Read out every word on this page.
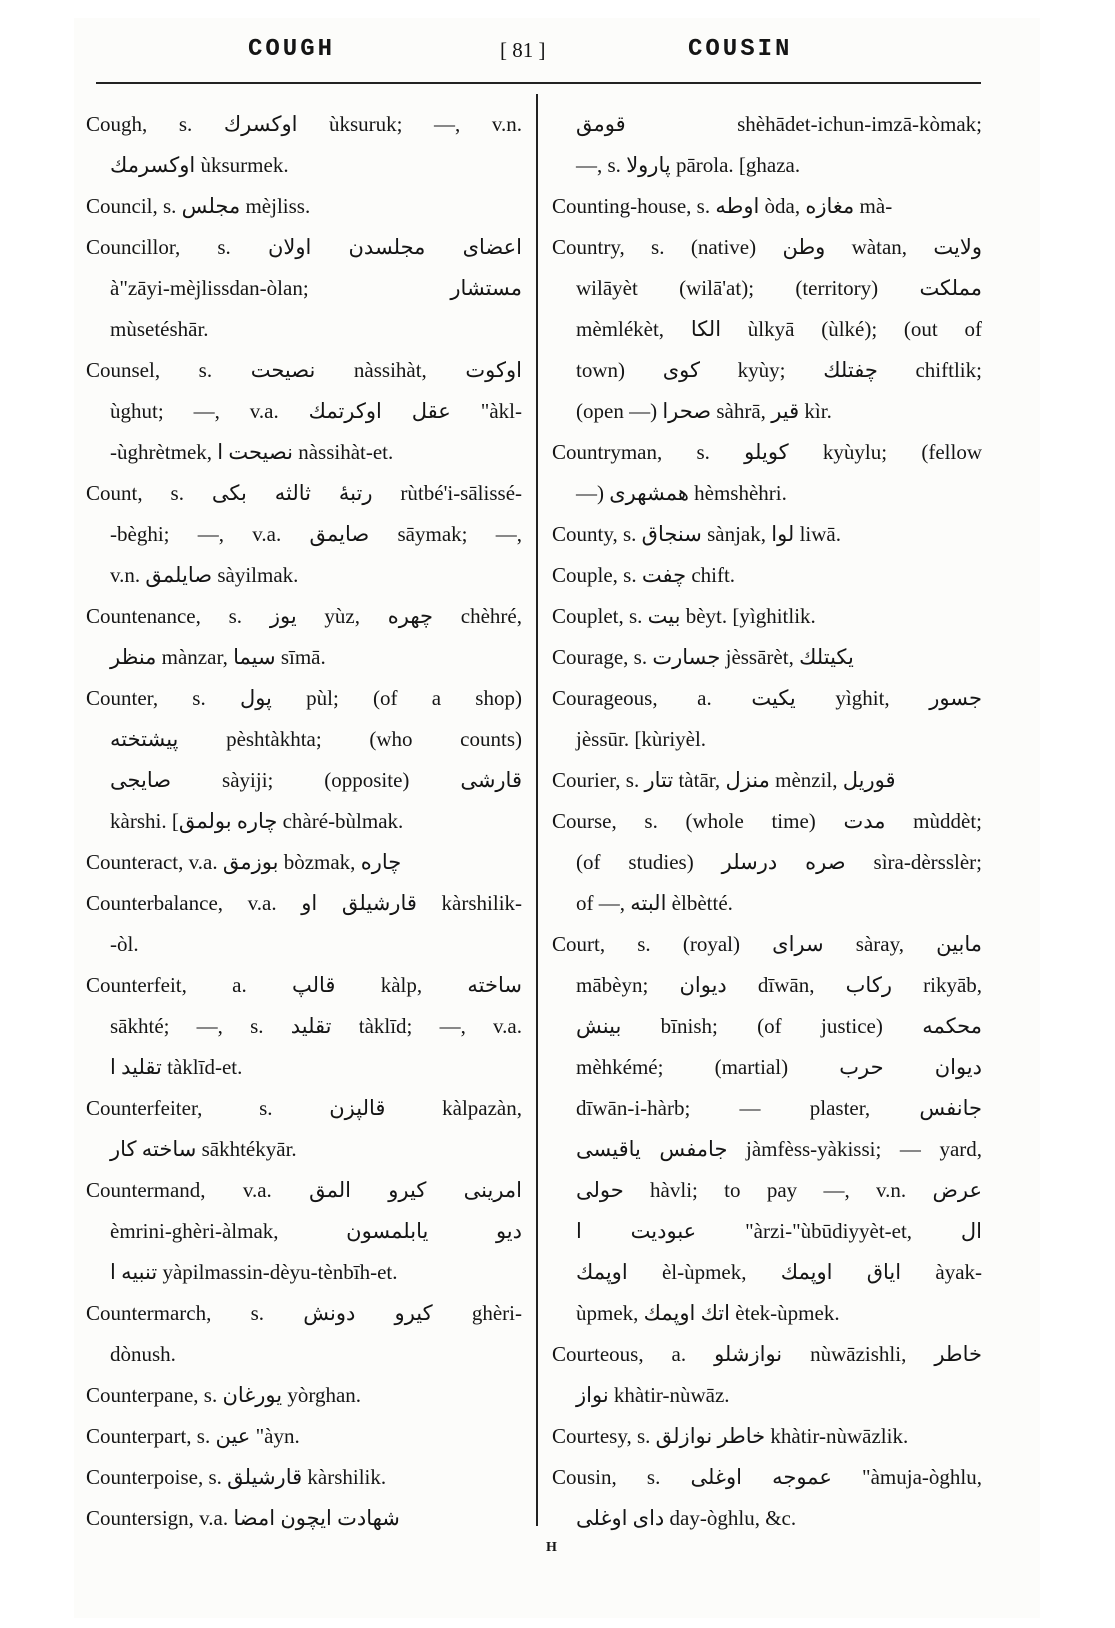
COUGH	[ 81 ]	COUSIN
Cough, s. اوكسرك ùksuruk; —, v.n.
اوكسرمك ùksurmek.
Council, s. مجلس mèjliss.
Councillor, s. اعضاى مجلسدن اولان
à"zāyi-mèjlissdan-òlan; مستشار
mùsetéshār.
Counsel, s. نصيحت nàssihàt, اوكوت
ùghut; —, v.a. عقل اوكرتمك "àkl-
-ùghrètmek, نصيحت ا nàssihàt-et.
Count, s. رتبهٔ ثالثه بكى rùtbé'i-sālissé-
-bèghi; —, v.a. صايمق sāymak; —,
v.n. صايلمق sàyilmak.
Countenance, s. يوز yùz, چهره chèhré,
منظر mànzar, سيما sīmā.
Counter, s. پول pùl; (of a shop)
پيشتخته pèshtàkhta; (who counts)
صايجى sàyiji; (opposite) قارشى
kàrshi. [چاره بولمق chàré-bùlmak.
Counteract, v.a. بوزمق bòzmak, چاره
Counterbalance, v.a. قارشيلق او kàrshilik-
-òl.
Counterfeit, a. قالپ kàlp, ساخته
sākhté; —, s. تقليد tàklīd; —, v.a.
تقليد ا tàklīd-et.
Counterfeiter, s. قالپزن kàlpazàn,
ساخته كار sākhtékyār.
Countermand, v.a. امرينى كيرو المق
èmrini-ghèri-àlmak, ديو يابلمسون
تنبيه ا yàpilmassin-dèyu-tènbīh-et.
Countermarch, s. كيرو دونش ghèri-
dònush.
Counterpane, s. يورغان yòrghan.
Counterpart, s. عين "àyn.
Counterpoise, s. قارشيلق kàrshilik.
Countersign, v.a. شهادت ايچون امضا
قومق shèhādet-ichun-imzā-kòmak;
—, s. پارولا pārola. [ghaza.
Counting-house, s. اوطه òda, مغازه mà-
Country, s. (native) وطن wàtan, ولايت
wilāyèt (wilā'at); (territory) مملكت
mèmlékèt, الكا ùlkyā (ùlké); (out of
town) كوى kyùy; چفتلك chiftlik;
(open —) صحرا sàhrā, قير kìr.
Countryman, s. كويلو kyùylu; (fellow
—) همشهرى hèmshèhri.
County, s. سنجاق sànjak, لوا liwā.
Couple, s. چفت chift.
Couplet, s. بيت bèyt. [yìghitlik.
Courage, s. جسارت jèssārèt, يكيتلك
Courageous, a. يكيت yìghit, جسور
jèssūr. [kùriyèl.
Courier, s. تتار tàtār, منزل mènzil, قوريل
Course, s. (whole time) مدت mùddèt;
(of studies) صره درسلر sìra-dèrsslèr;
of —, البته èlbètté.
Court, s. (royal) سراى sàray, مابين
mābèyn; ديوان dīwān, ركاب rikyāb,
بينش bīnish; (of justice) محكمه
mèhkémé; (martial) ديوان حرب
dīwān-i-hàrb; — plaster, جانفس
جامفس ياقيسى jàmfèss-yàkissi; — yard,
حولى hàvli; to pay —, v.n. عرض
عبوديت ا "àrzi-"ùbūdiyyèt-et, ال
اوپمك èl-ùpmek, اياق اوپمك àyak-
ùpmek, اتك اوپمك ètek-ùpmek.
Courteous, a. نوازشلو nùwāzishli, خاطر
نواز khàtir-nùwāz.
Courtesy, s. خاطر نوازلق khàtir-nùwāzlik.
Cousin, s. عموجه اوغلى "àmuja-òghlu,
داى اوغلى day-òghlu, &c.
H
